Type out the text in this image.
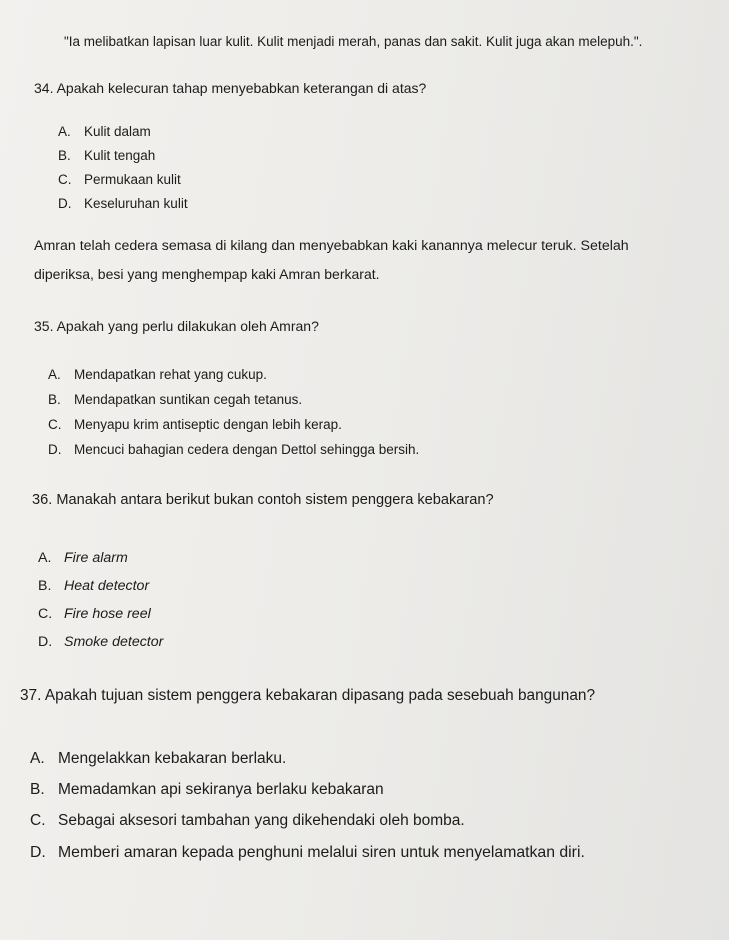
"Ia melibatkan lapisan luar kulit. Kulit menjadi merah, panas dan sakit. Kulit juga akan melepuh.".
34. Apakah kelecuran tahap menyebabkan keterangan di atas?
A. Kulit dalam
B. Kulit tengah
C. Permukaan kulit
D. Keseluruhan kulit
Amran telah cedera semasa di kilang dan menyebabkan kaki kanannya melecur teruk. Setelah
diperiksa, besi yang menghempap kaki Amran berkarat.
35. Apakah yang perlu dilakukan oleh Amran?
A. Mendapatkan rehat yang cukup.
B. Mendapatkan suntikan cegah tetanus.
C. Menyapu krim antiseptic dengan lebih kerap.
D. Mencuci bahagian cedera dengan Dettol sehingga bersih.
36. Manakah antara berikut bukan contoh sistem penggera kebakaran?
A. Fire alarm
B. Heat detector
C. Fire hose reel
D. Smoke detector
37. Apakah tujuan sistem penggera kebakaran dipasang pada sesebuah bangunan?
A. Mengelakkan kebakaran berlaku.
B. Memadamkan api sekiranya berlaku kebakaran
C. Sebagai aksesori tambahan yang dikehendaki oleh bomba.
D. Memberi amaran kepada penghuni melalui siren untuk menyelamatkan diri.
